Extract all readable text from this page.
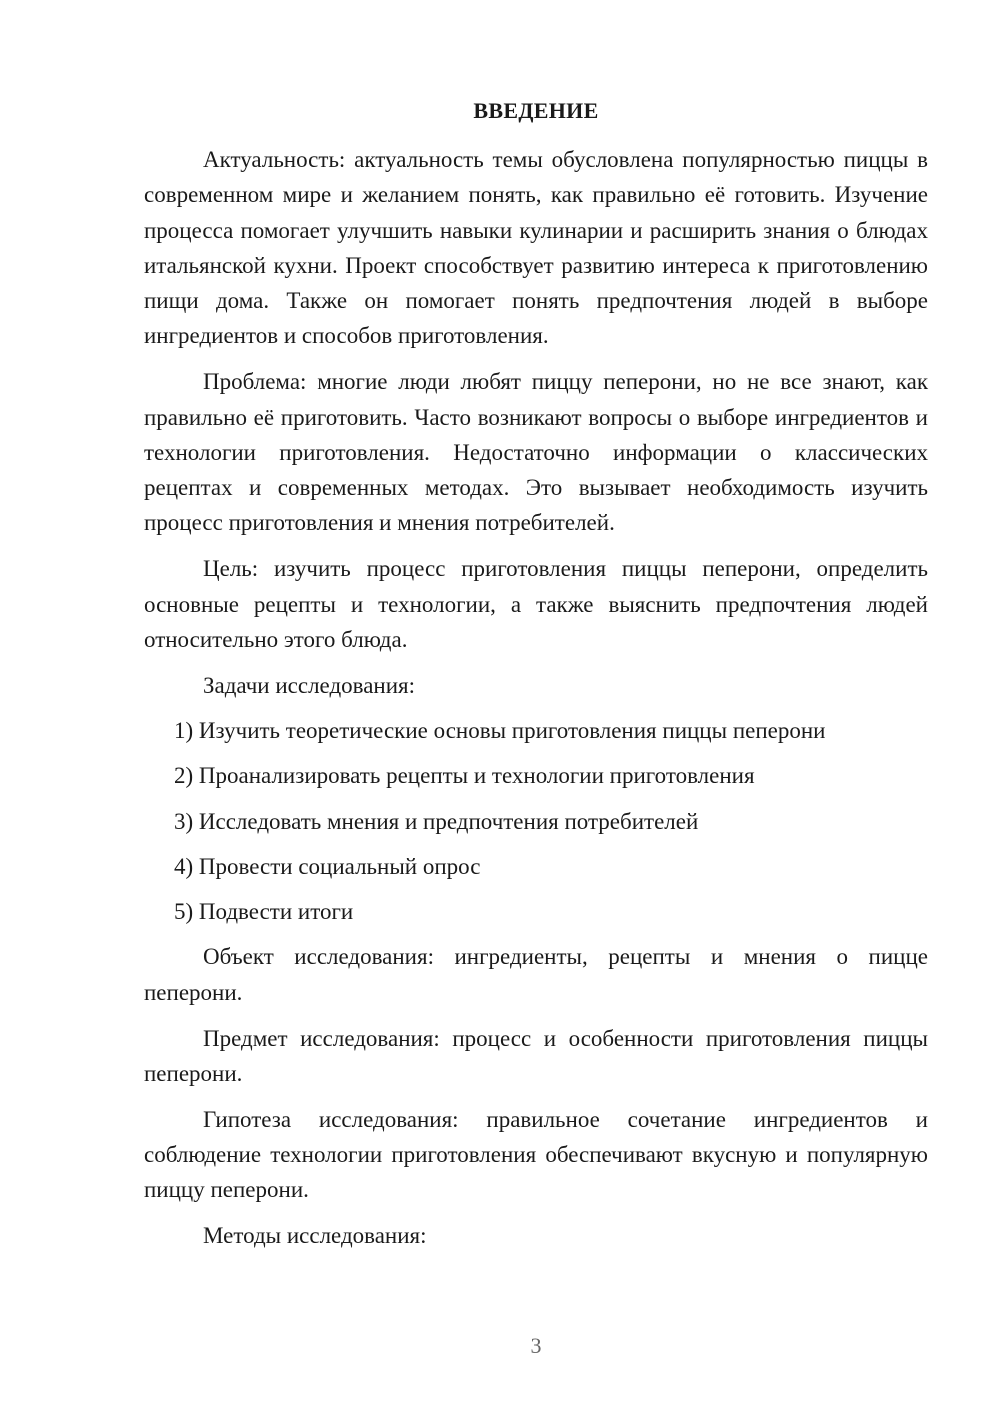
ВВЕДЕНИЕ

Актуальность: актуальность темы обусловлена популярностью пиццы в современном мире и желанием понять, как правильно её готовить. Изучение процесса помогает улучшить навыки кулинарии и расширить знания о блюдах итальянской кухни. Проект способствует развитию интереса к приготовлению пищи дома. Также он помогает понять предпочтения людей в выборе ингредиентов и способов приготовления.

Проблема: многие люди любят пиццу пеперони, но не все знают, как правильно её приготовить. Часто возникают вопросы о выборе ингредиентов и технологии приготовления. Недостаточно информации о классических рецептах и современных методах. Это вызывает необходимость изучить процесс приготовления и мнения потребителей.

Цель: изучить процесс приготовления пиццы пеперони, определить основные рецепты и технологии, а также выяснить предпочтения людей относительно этого блюда.

Задачи исследования:
1) Изучить теоретические основы приготовления пиццы пеперони
2) Проанализировать рецепты и технологии приготовления
3) Исследовать мнения и предпочтения потребителей
4) Провести социальный опрос
5) Подвести итоги

Объект исследования: ингредиенты, рецепты и мнения о пицце пеперони.

Предмет исследования: процесс и особенности приготовления пиццы пеперони.

Гипотеза исследования: правильное сочетание ингредиентов и соблюдение технологии приготовления обеспечивают вкусную и популярную пиццу пеперони.

Методы исследования:

3
